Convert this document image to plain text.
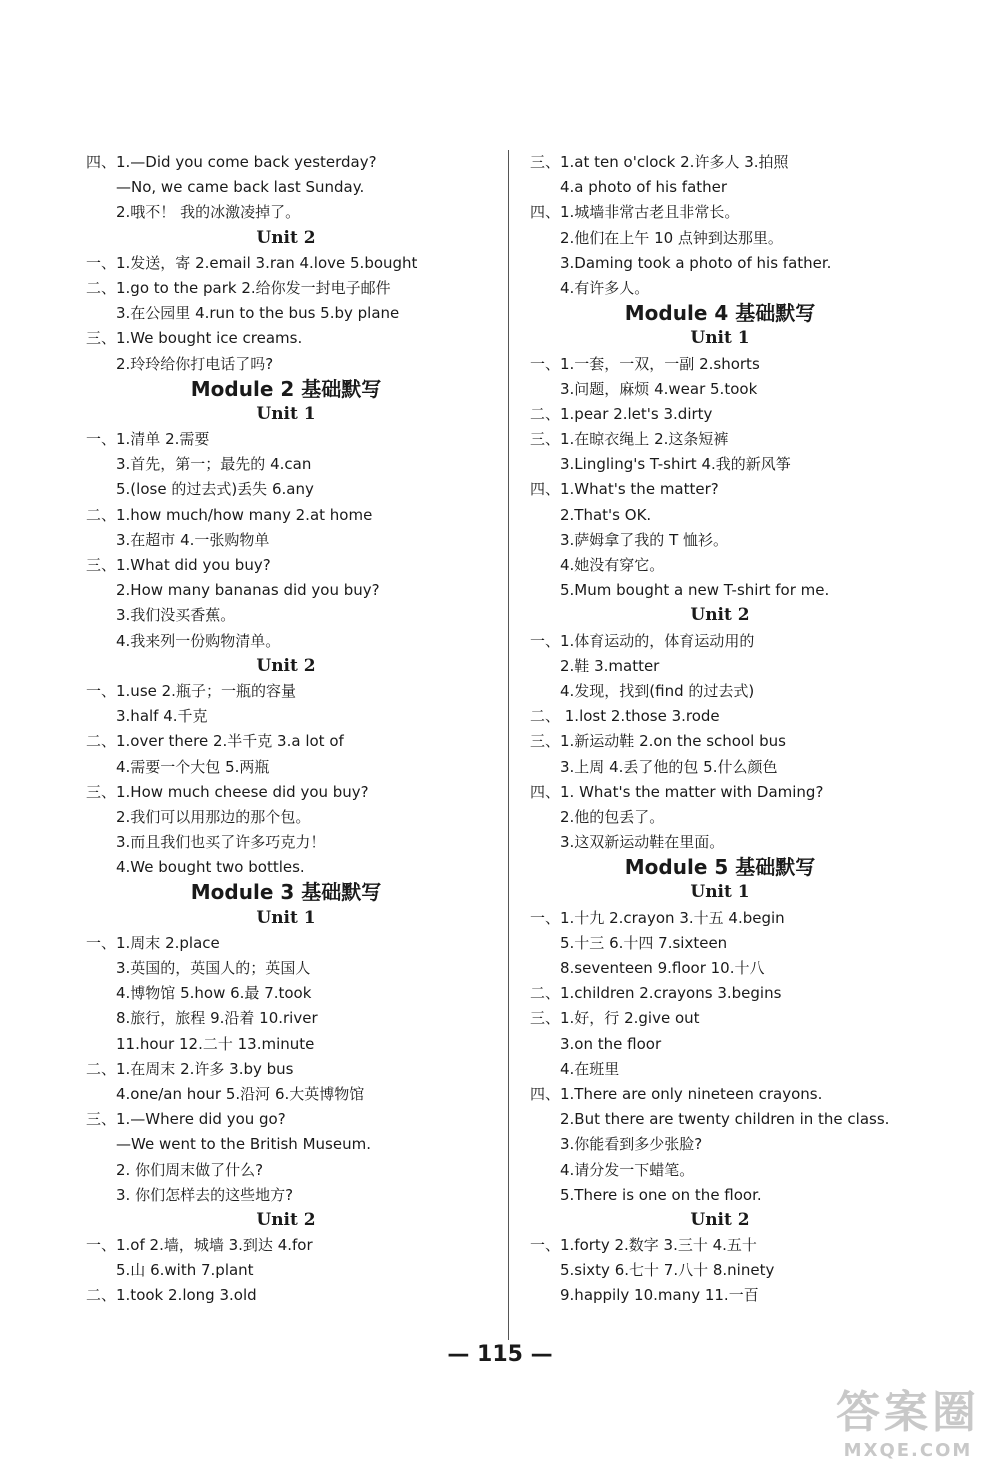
四、1.—Did you come back yesterday?
—No, we came back last Sunday.
2.哦不！ 我的冰激凌掉了。
Unit 2
一、1.发送，寄 2.email 3.ran 4.love 5.bought
二、1.go to the park 2.给你发一封电子邮件
3.在公园里 4.run to the bus 5.by plane
三、1.We bought ice creams.
2.玲玲给你打电话了吗?
Module 2 基础默写
Unit 1
一、1.清单 2.需要
3.首先，第一；最先的 4.can
5.(lose 的过去式)丢失 6.any
二、1.how much/how many 2.at home
3.在超市 4.一张购物单
三、1.What did you buy?
2.How many bananas did you buy?
3.我们没买香蕉。
4.我来列一份购物清单。
Unit 2
一、1.use 2.瓶子；一瓶的容量
3.half 4.千克
二、1.over there 2.半千克 3.a lot of
4.需要一个大包 5.两瓶
三、1.How much cheese did you buy?
2.我们可以用那边的那个包。
3.而且我们也买了许多巧克力！
4.We bought two bottles.
Module 3 基础默写
Unit 1
一、1.周末 2.place
3.英国的，英国人的；英国人
4.博物馆 5.how 6.最 7.took
8.旅行，旅程 9.沿着 10.river
11.hour 12.二十 13.minute
二、1.在周末 2.许多 3.by bus
4.one/an hour 5.沿河 6.大英博物馆
三、1.—Where did you go?
—We went to the British Museum.
2. 你们周末做了什么?
3. 你们怎样去的这些地方?
Unit 2
一、1.of 2.墙，城墙 3.到达 4.for
5.山 6.with 7.plant
二、1.took 2.long 3.old
三、1.at ten o'clock 2.许多人 3.拍照
4.a photo of his father
四、1.城墙非常古老且非常长。
2.他们在上午 10 点钟到达那里。
3.Daming took a photo of his father.
4.有许多人。
Module 4 基础默写
Unit 1
一、1.一套，一双，一副 2.shorts
3.问题，麻烦 4.wear 5.took
二、1.pear 2.let's 3.dirty
三、1.在晾衣绳上 2.这条短裤
3.Lingling's T-shirt 4.我的新风筝
四、1.What's the matter?
2.That's OK.
3.萨姆拿了我的 T 恤衫。
4.她没有穿它。
5.Mum bought a new T-shirt for me.
Unit 2
一、1.体育运动的，体育运动用的
2.鞋 3.matter
4.发现，找到(find 的过去式)
二、 1.lost 2.those 3.rode
三、1.新运动鞋 2.on the school bus
3.上周 4.丢了他的包 5.什么颜色
四、1. What's the matter with Daming?
2.他的包丢了。
3.这双新运动鞋在里面。
Module 5 基础默写
Unit 1
一、1.十九 2.crayon 3.十五 4.begin
5.十三 6.十四 7.sixteen
8.seventeen 9.floor 10.十八
二、1.children 2.crayons 3.begins
三、1.好，行 2.give out
3.on the floor
4.在班里
四、1.There are only nineteen crayons.
2.But there are twenty children in the class.
3.你能看到多少张脸?
4.请分发一下蜡笔。
5.There is one on the floor.
Unit 2
一、1.forty 2.数字 3.三十 4.五十
5.sixty 6.七十 7.八十 8.ninety
9.happily 10.many 11.一百
— 115 —
答案圈
MXQE.COM
